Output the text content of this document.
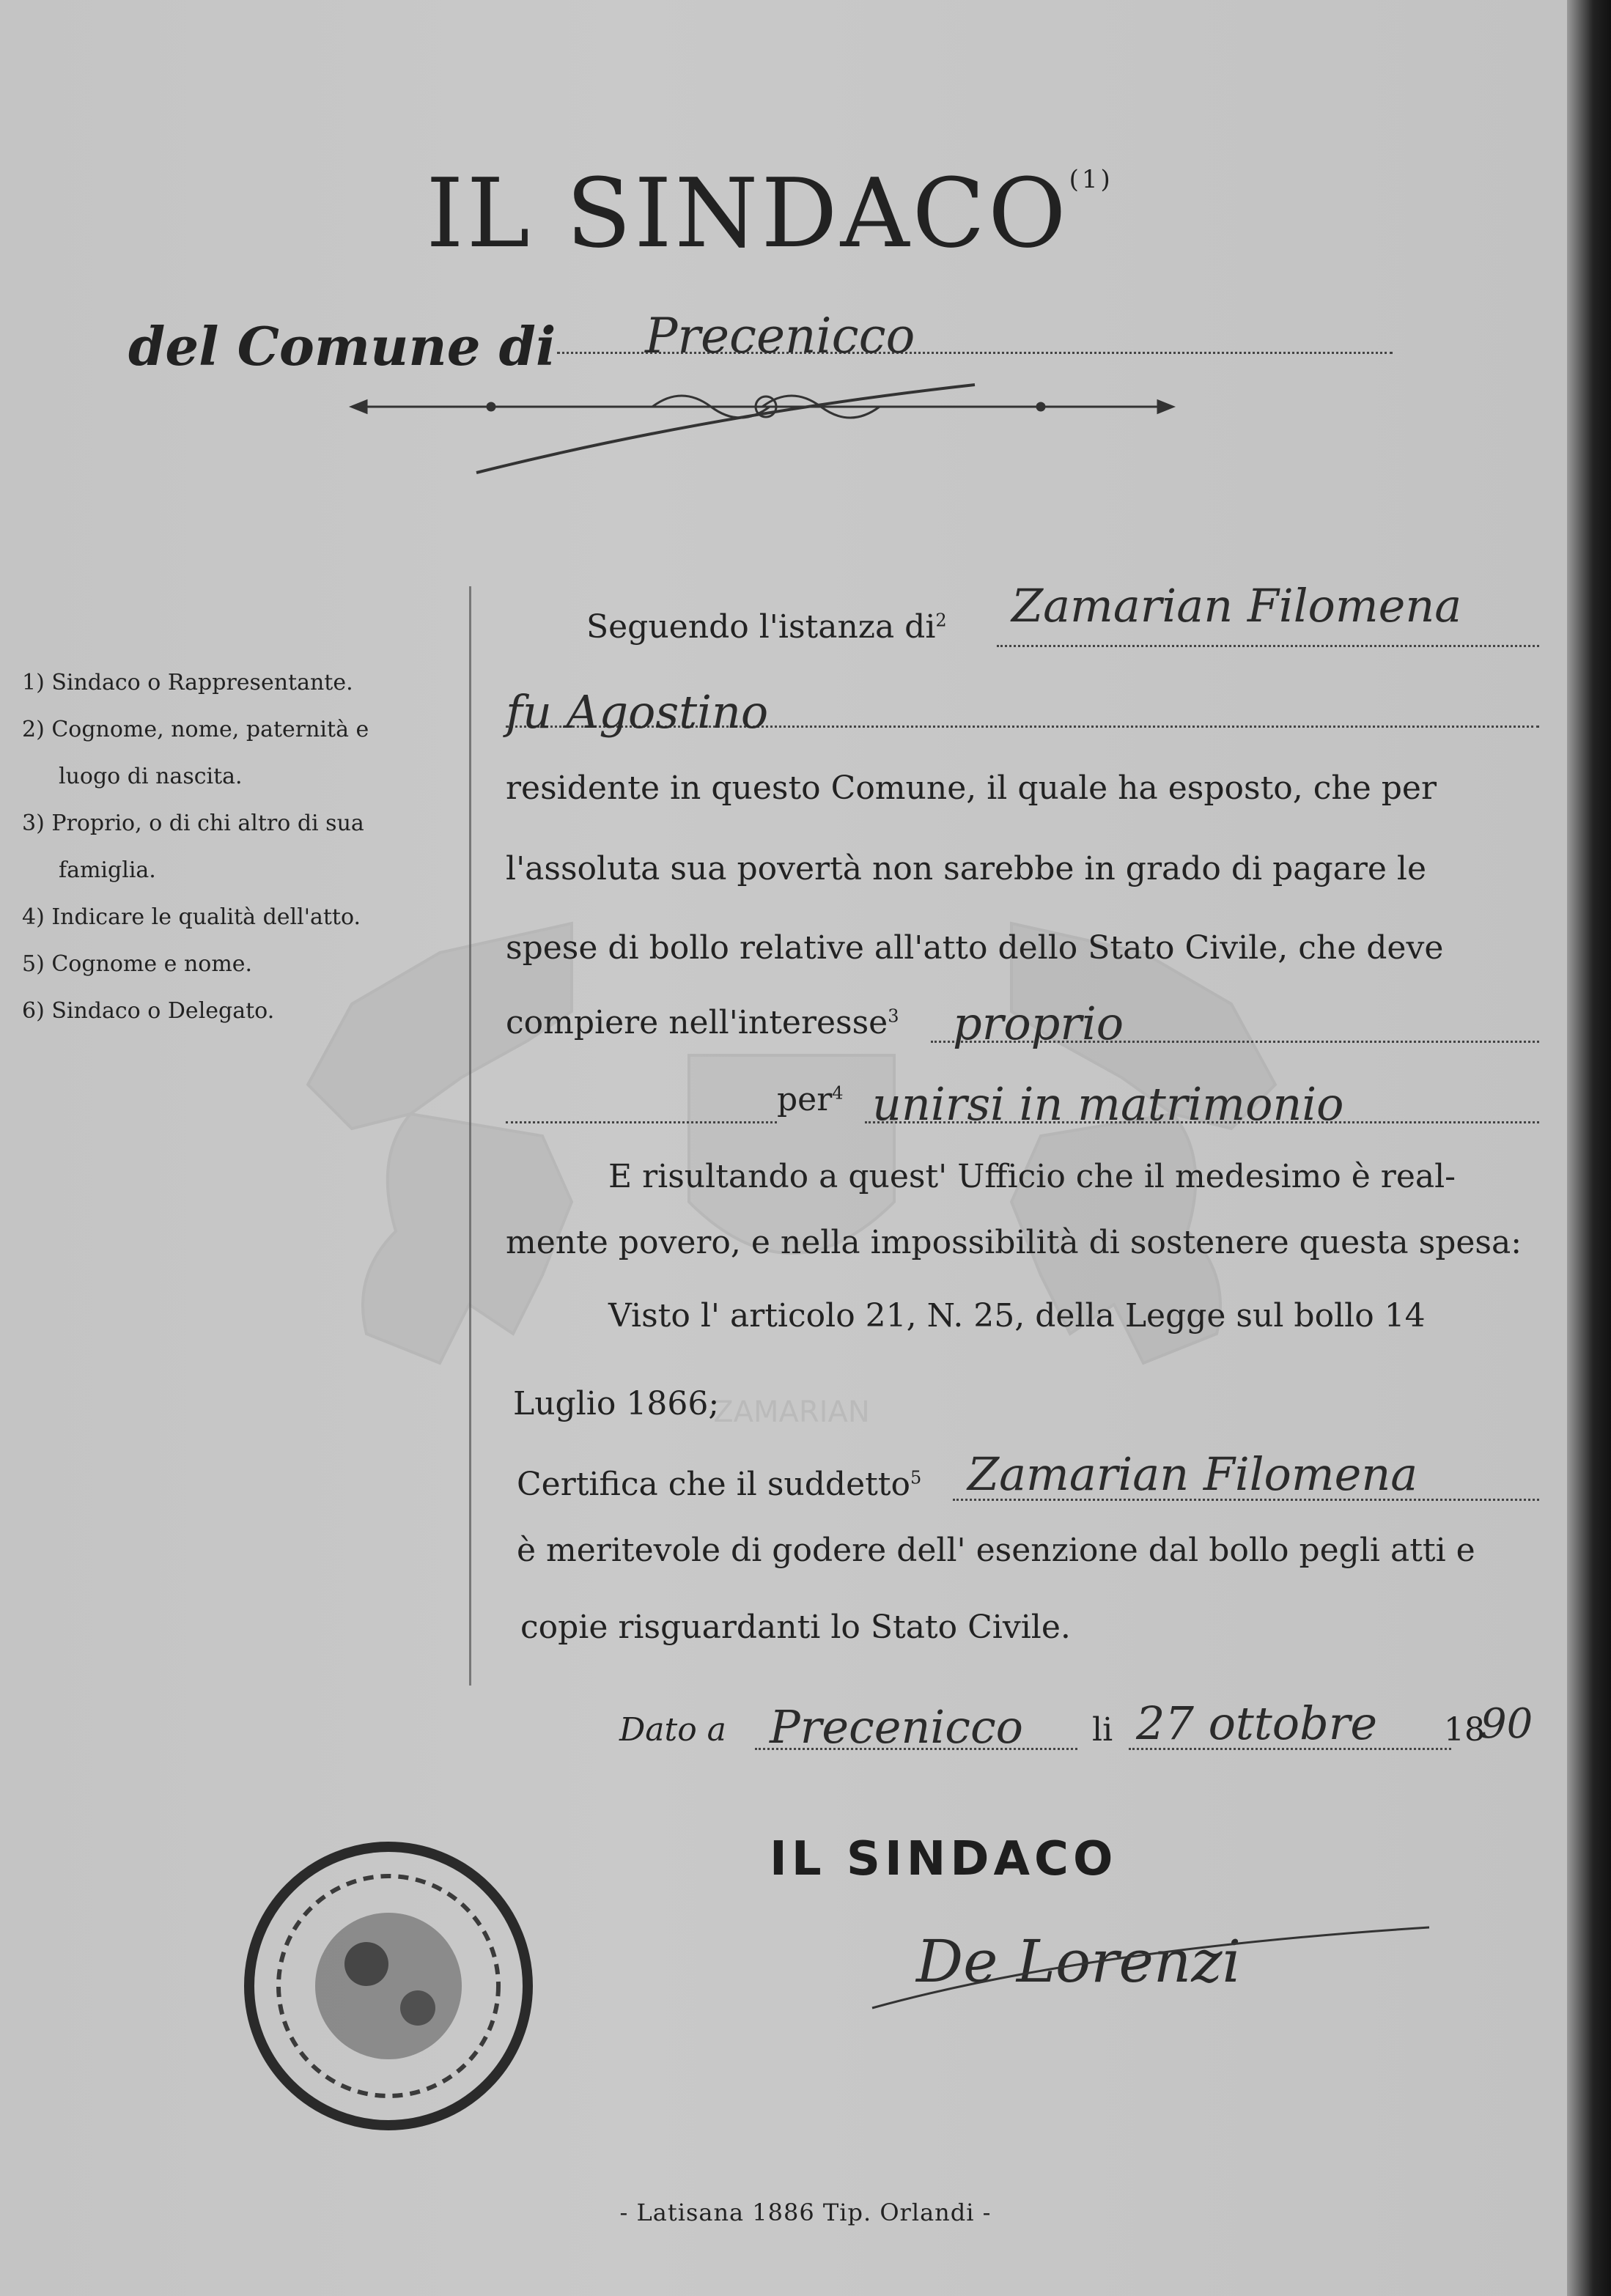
ZAMARIAN
IL SINDACO$^{(1)}$
del Comune di Precenicco
1) Sindaco o Rappresentante.
2) Cognome, nome, paternità e
luogo di nascita.
3) Proprio, o di chi altro di sua
famiglia.
4) Indicare le qualità dell'atto.
5) Cognome e nome.
6) Sindaco o Delegato.
Seguendo l'istanza $di^2$ Zamarian Filomena
fu Agostino
residente in questo Comune, il quale ha esposto, che per
l'assoluta sua povertà non sarebbe in grado di pagare le
spese di bollo relative all'atto dello Stato Civile, che deve
compiere nell'interesse$^3$ proprio
per$^4$ unirsi in matrimonio
E risultando a quest' Ufficio che il medesimo è real-
mente povero, e nella impossibilità di sostenere questa spesa:
Visto l' articolo 21, N. 25, della Legge sul bollo 14
Luglio 1866;
Certifica che il suddetto$^5$ Zamarian Filomena
è meritevole di godere dell' esenzione dal bollo pegli atti e
copie risguardanti lo Stato Civile.
Dato a Precenicco li 27 ottobre 18
90
IL SINDACO
De Lorenzi
- Latisana 1886 Tip. Orlandi -
